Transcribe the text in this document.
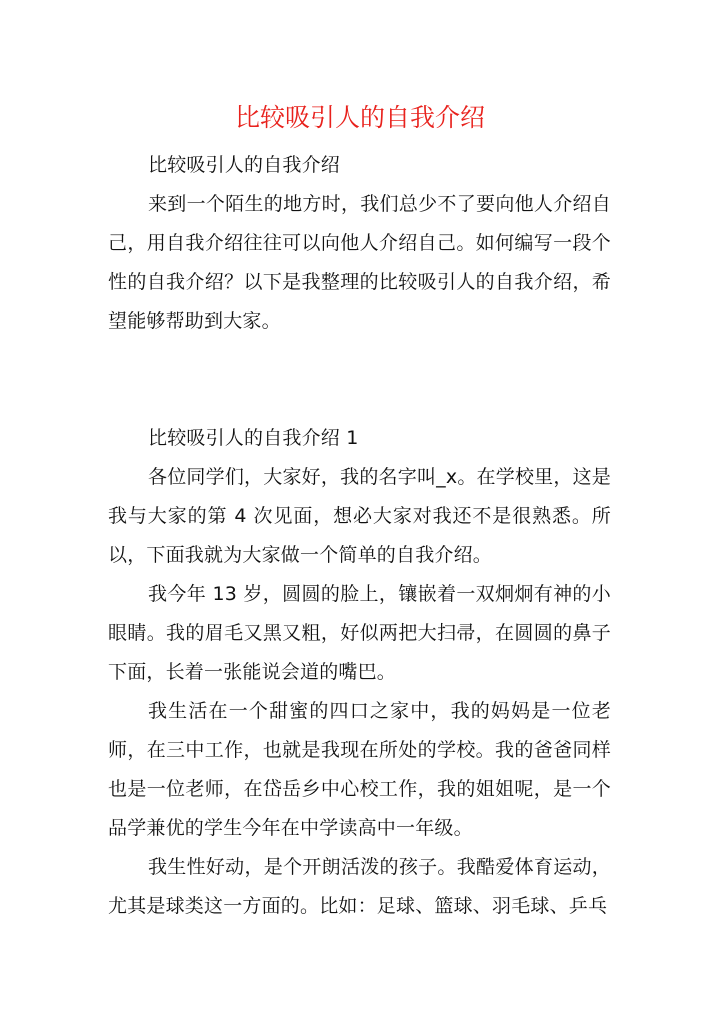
比较吸引人的自我介绍

比较吸引人的自我介绍

来到一个陌生的地方时，我们总少不了要向他人介绍自己，用自我介绍往往可以向他人介绍自己。如何编写一段个性的自我介绍？以下是我整理的比较吸引人的自我介绍，希望能够帮助到大家。

比较吸引人的自我介绍 1

各位同学们，大家好，我的名字叫_x。在学校里，这是我与大家的第 4 次见面，想必大家对我还不是很熟悉。所以，下面我就为大家做一个简单的自我介绍。

我今年 13 岁，圆圆的脸上，镶嵌着一双炯炯有神的小眼睛。我的眉毛又黑又粗，好似两把大扫帚，在圆圆的鼻子下面，长着一张能说会道的嘴巴。

我生活在一个甜蜜的四口之家中，我的妈妈是一位老师，在三中工作，也就是我现在所处的学校。我的爸爸同样也是一位老师，在岱岳乡中心校工作，我的姐姐呢，是一个品学兼优的学生今年在中学读高中一年级。

我生性好动，是个开朗活泼的孩子。我酷爱体育运动，尤其是球类这一方面的。比如：足球、篮球、羽毛球、乒乓
